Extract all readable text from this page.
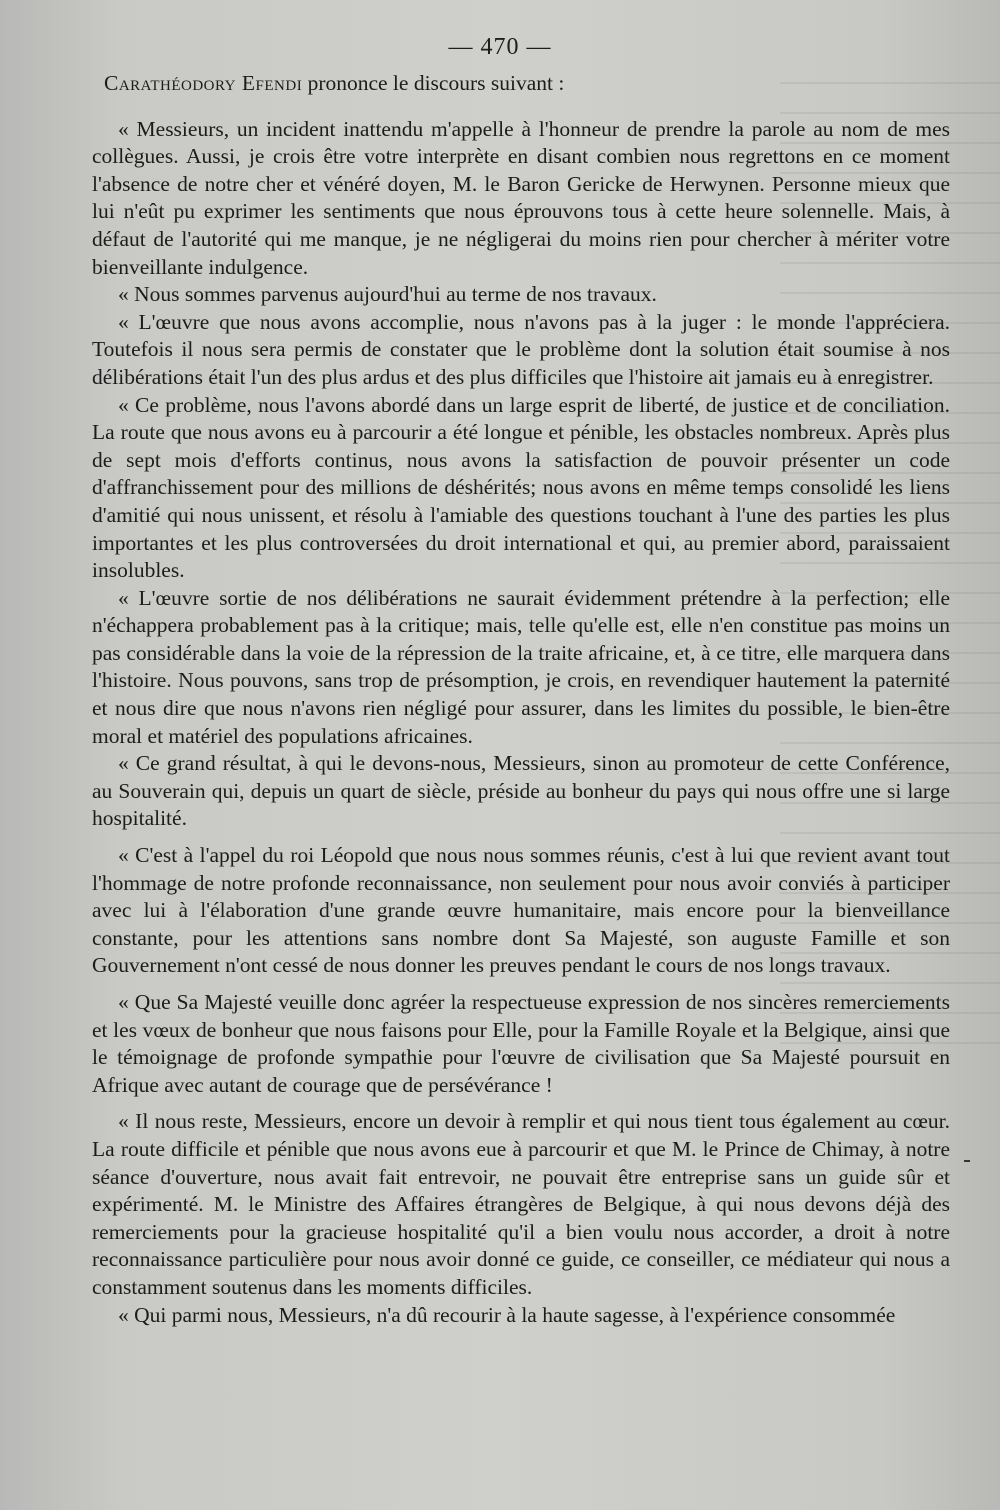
— 470 —

Carathéodory Efendi prononce le discours suivant :

« Messieurs, un incident inattendu m'appelle à l'honneur de prendre la parole au nom de mes collègues. Aussi, je crois être votre interprète en disant combien nous regrettons en ce moment l'absence de notre cher et vénéré doyen, M. le Baron Gericke de Herwynen. Personne mieux que lui n'eût pu exprimer les sentiments que nous éprouvons tous à cette heure solennelle. Mais, à défaut de l'autorité qui me manque, je ne négligerai du moins rien pour chercher à mériter votre bienveillante indulgence.

« Nous sommes parvenus aujourd'hui au terme de nos travaux.

« L'œuvre que nous avons accomplie, nous n'avons pas à la juger : le monde l'appréciera. Toutefois il nous sera permis de constater que le problème dont la solution était soumise à nos délibérations était l'un des plus ardus et des plus difficiles que l'histoire ait jamais eu à enregistrer.

« Ce problème, nous l'avons abordé dans un large esprit de liberté, de justice et de conciliation. La route que nous avons eu à parcourir a été longue et pénible, les obstacles nombreux. Après plus de sept mois d'efforts continus, nous avons la satisfaction de pouvoir présenter un code d'affranchissement pour des millions de déshérités; nous avons en même temps consolidé les liens d'amitié qui nous unissent, et résolu à l'amiable des questions touchant à l'une des parties les plus importantes et les plus controversées du droit international et qui, au premier abord, paraissaient insolubles.

« L'œuvre sortie de nos délibérations ne saurait évidemment prétendre à la perfection; elle n'échappera probablement pas à la critique; mais, telle qu'elle est, elle n'en constitue pas moins un pas considérable dans la voie de la répression de la traite africaine, et, à ce titre, elle marquera dans l'histoire. Nous pouvons, sans trop de présomption, je crois, en revendiquer hautement la paternité et nous dire que nous n'avons rien négligé pour assurer, dans les limites du possible, le bien-être moral et matériel des populations africaines.

« Ce grand résultat, à qui le devons-nous, Messieurs, sinon au promoteur de cette Conférence, au Souverain qui, depuis un quart de siècle, préside au bonheur du pays qui nous offre une si large hospitalité.

« C'est à l'appel du roi Léopold que nous nous sommes réunis, c'est à lui que revient avant tout l'hommage de notre profonde reconnaissance, non seulement pour nous avoir conviés à participer avec lui à l'élaboration d'une grande œuvre humanitaire, mais encore pour la bienveillance constante, pour les attentions sans nombre dont Sa Majesté, son auguste Famille et son Gouvernement n'ont cessé de nous donner les preuves pendant le cours de nos longs travaux.

« Que Sa Majesté veuille donc agréer la respectueuse expression de nos sincères remerciements et les vœux de bonheur que nous faisons pour Elle, pour la Famille Royale et la Belgique, ainsi que le témoignage de profonde sympathie pour l'œuvre de civilisation que Sa Majesté poursuit en Afrique avec autant de courage que de persévérance !

« Il nous reste, Messieurs, encore un devoir à remplir et qui nous tient tous également au cœur. La route difficile et pénible que nous avons eue à parcourir et que M. le Prince de Chimay, à notre séance d'ouverture, nous avait fait entrevoir, ne pouvait être entreprise sans un guide sûr et expérimenté. M. le Ministre des Affaires étrangères de Belgique, à qui nous devons déjà des remerciements pour la gracieuse hospitalité qu'il a bien voulu nous accorder, a droit à notre reconnaissance particulière pour nous avoir donné ce guide, ce conseiller, ce médiateur qui nous a constamment soutenus dans les moments difficiles.

« Qui parmi nous, Messieurs, n'a dû recourir à la haute sagesse, à l'expérience consommée
